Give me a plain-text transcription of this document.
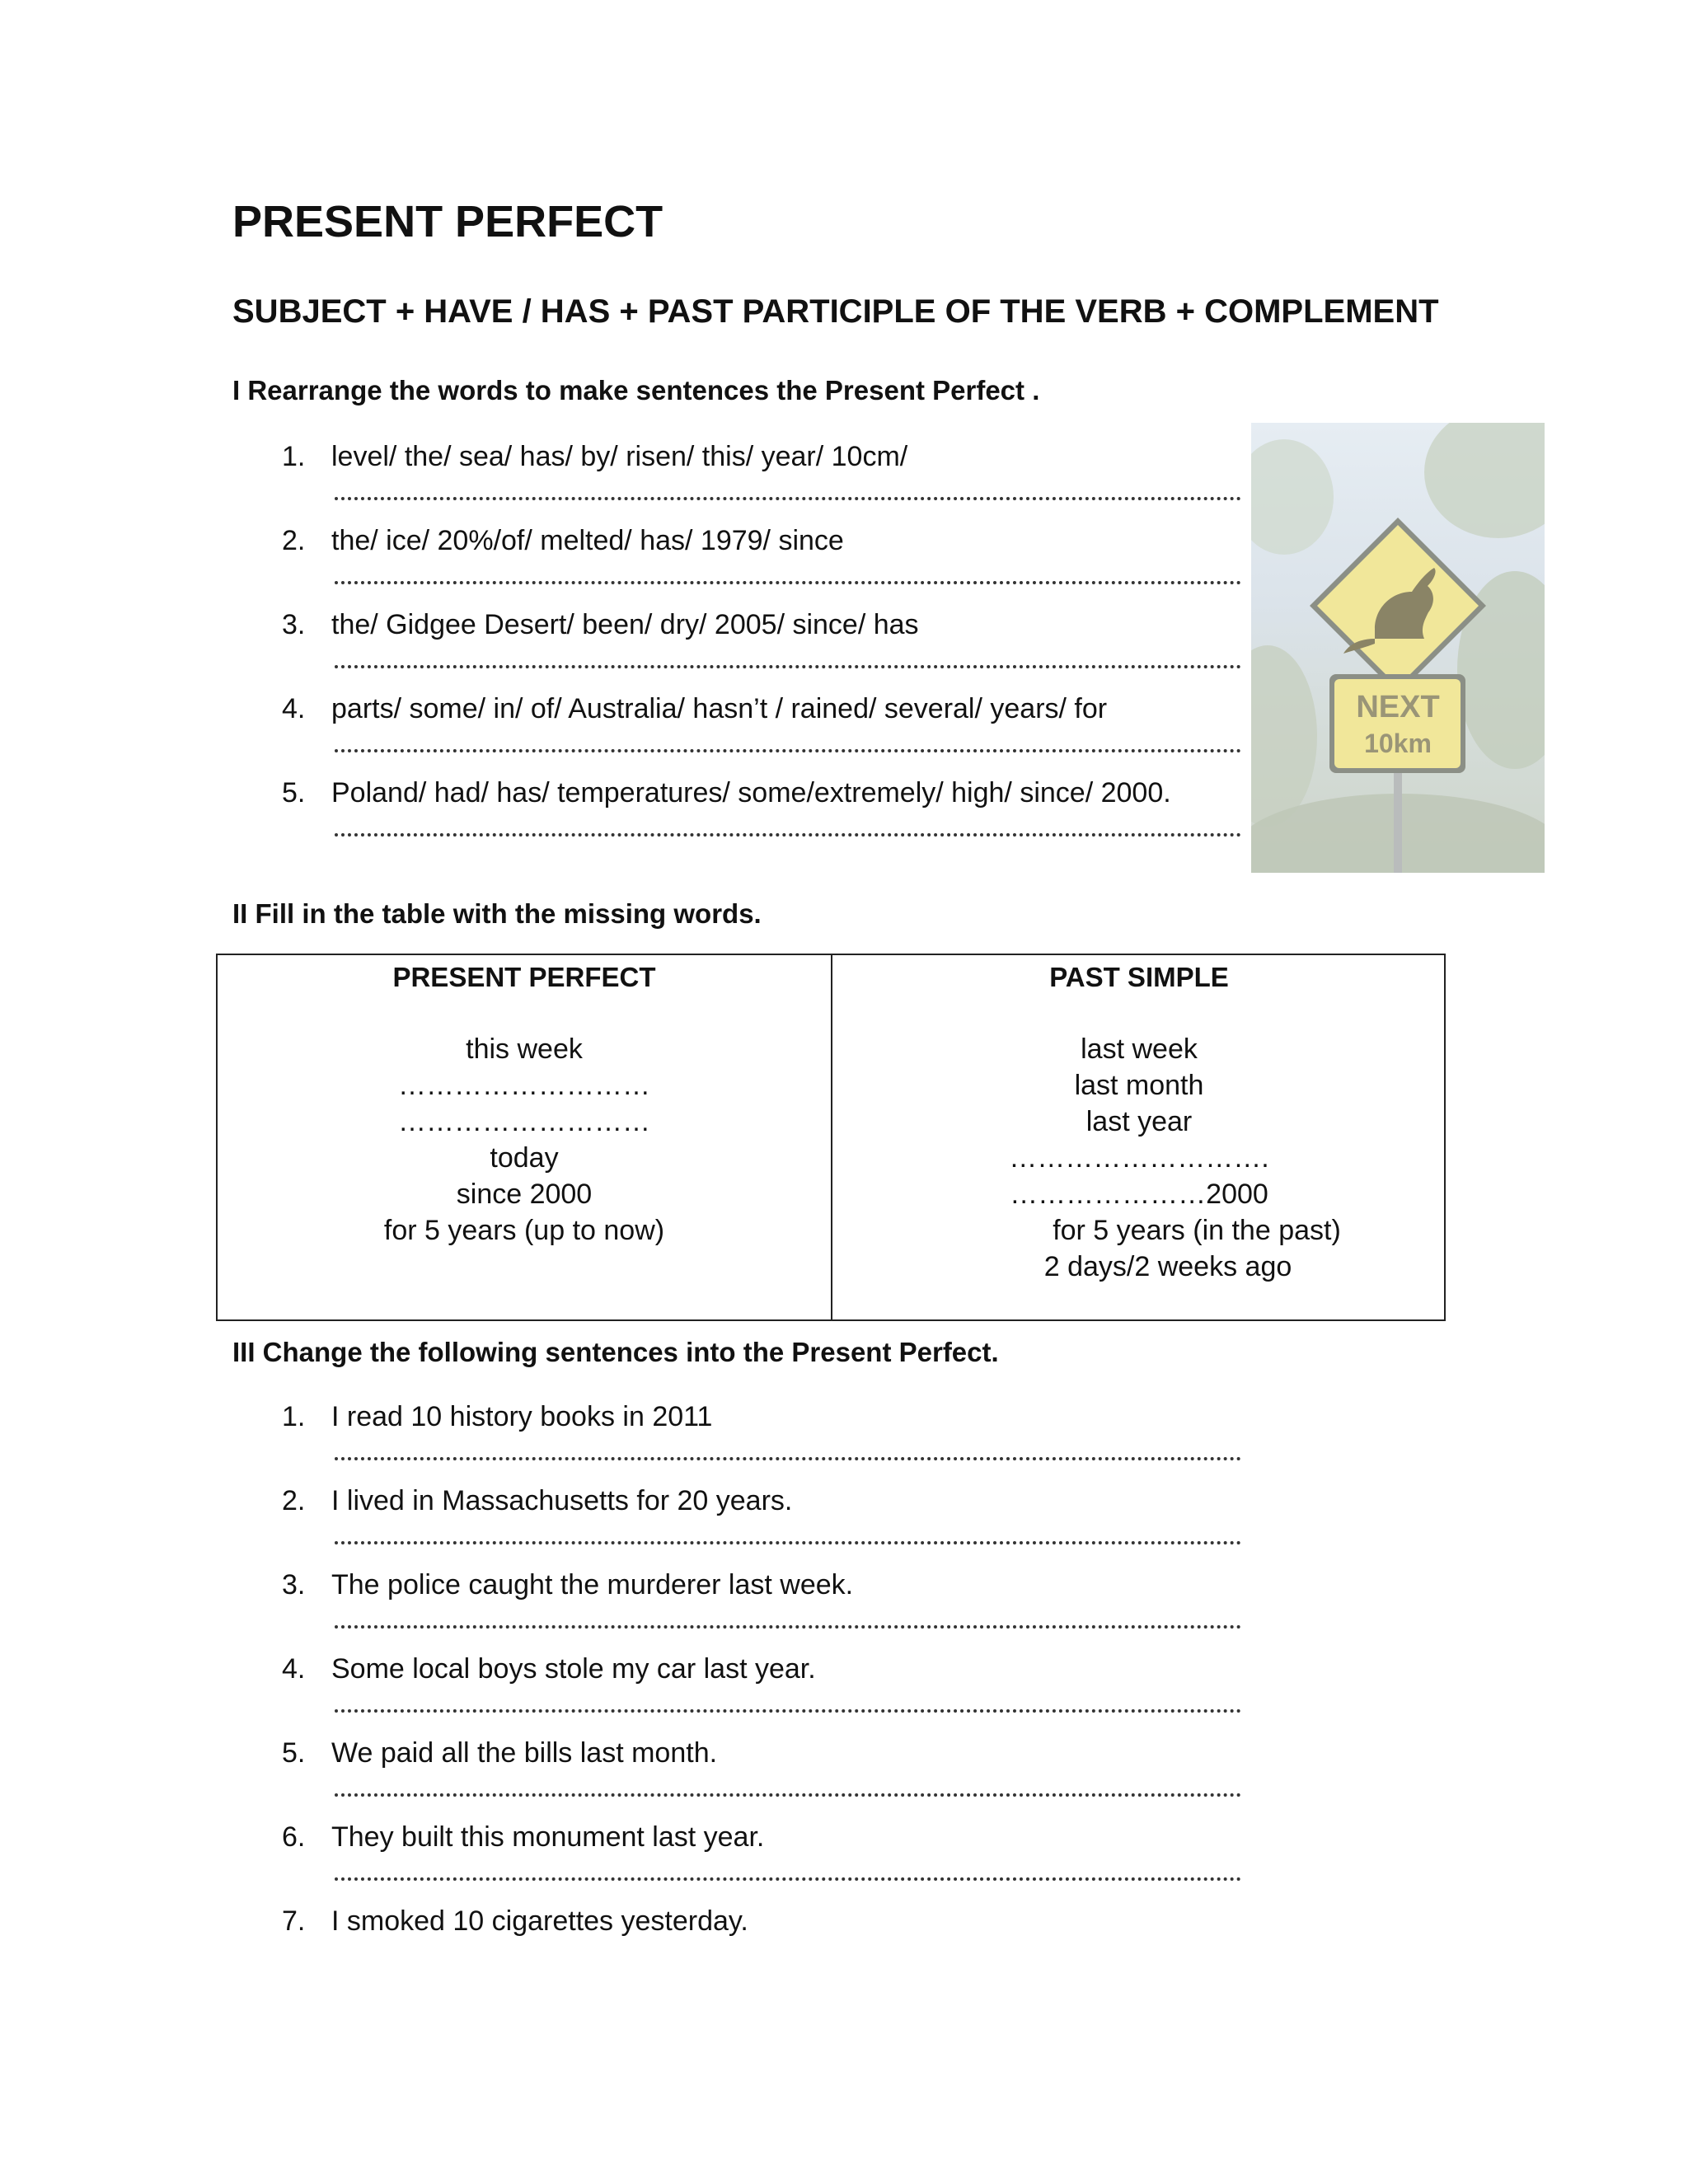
PRESENT PERFECT
SUBJECT + HAVE / HAS + PAST PARTICIPLE OF THE VERB + COMPLEMENT
I Rearrange the words to make sentences the Present Perfect .
1. level/ the/ sea/ has/ by/ risen/ this/ year/ 10cm/
2. the/ ice/ 20%/of/ melted/ has/ 1979/ since
3. the/ Gidgee Desert/ been/ dry/ 2005/ since/ has
4. parts/ some/ in/ of/ Australia/ hasn’t / rained/ several/ years/ for
5. Poland/ had/ has/ temperatures/ some/extremely/ high/ since/ 2000.
NEXT
10km
II Fill in the table with the missing words.
PRESENT PERFECT
this week
………………………
………………………
today
since 2000
for 5 years (up to now)
PAST SIMPLE
last week
last month
last year
……………………….
…………………2000
for 5 years (in the past)
2 days/2 weeks ago
III Change the following sentences into the Present Perfect.
1. I read 10 history books in 2011
2. I lived in Massachusetts for 20 years.
3. The police caught the murderer last week.
4. Some local boys stole my car last year.
5. We paid all the bills last month.
6. They built this monument last year.
7. I smoked 10 cigarettes yesterday.
